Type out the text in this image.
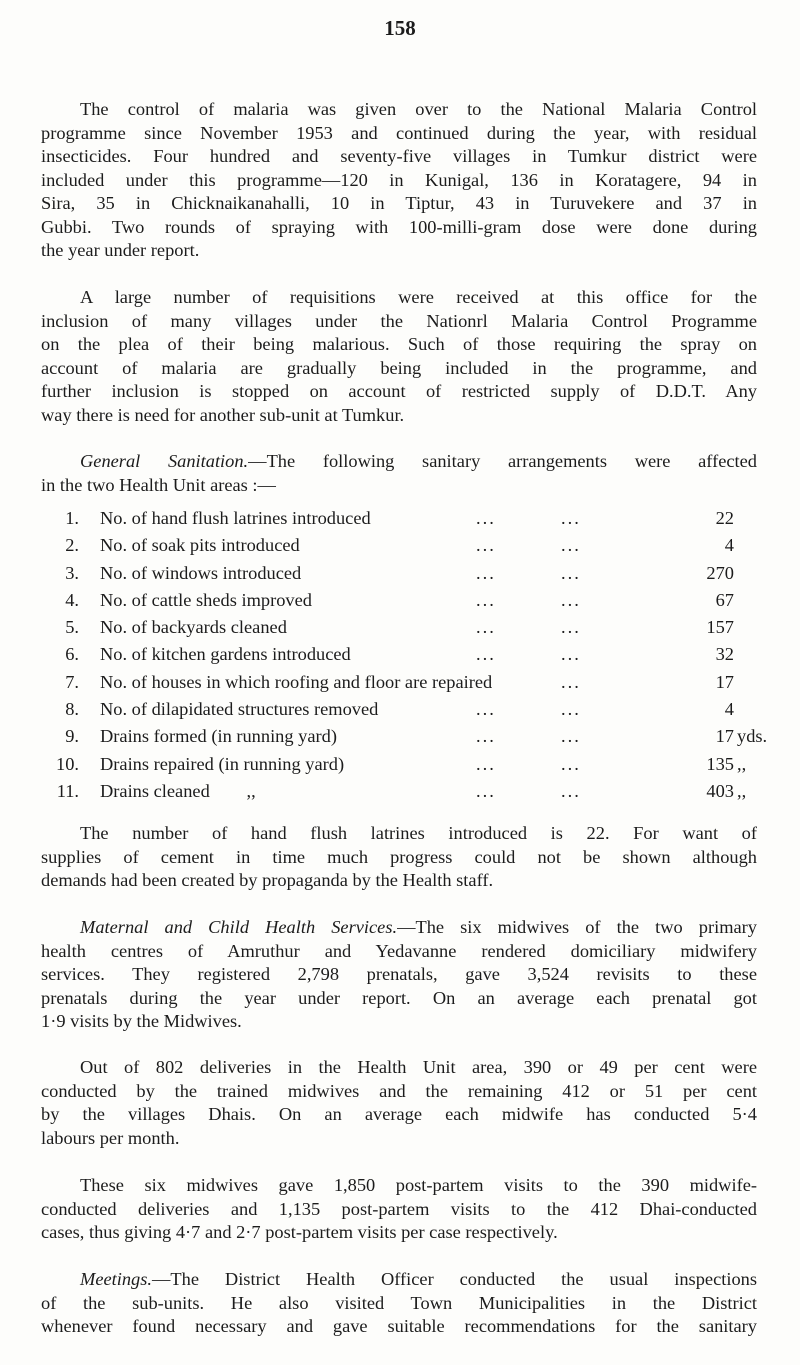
158

The control of malaria was given over to the National Malaria Control
programme since November 1953 and continued during the year, with residual
insecticides. Four hundred and seventy-five villages in Tumkur district were
included under this programme—120 in Kunigal, 136 in Koratagere, 94 in
Sira, 35 in Chicknaikanahalli, 10 in Tiptur, 43 in Turuvekere and 37 in
Gubbi. Two rounds of spraying with 100-milli-gram dose were done during
the year under report.

A large number of requisitions were received at this office for the
inclusion of many villages under the Nationrl Malaria Control Programme
on the plea of their being malarious. Such of those requiring the spray on
account of malaria are gradually being included in the programme, and
further inclusion is stopped on account of restricted supply of D.D.T. Any
way there is need for another sub-unit at Tumkur.

General Sanitation.—The following sanitary arrangements were affected
in the two Health Unit areas :—

1. No. of hand flush latrines introduced	...	...	22
2. No. of soak pits introduced	...	...	4
3. No. of windows introduced	...	...	270
4. No. of cattle sheds improved	...	...	67
5. No. of backyards cleaned	...	...	157
6. No. of kitchen gardens introduced	...	...	32
7. No. of houses in which roofing and floor are repaired	...	17
8. No. of dilapidated structures removed	...	...	4
9. Drains formed (in running yard)	...	...	17 yds.
10. Drains repaired (in running yard)	...	...	135 ,,
11. Drains cleaned        ,,	...	...	403 ,,

The number of hand flush latrines introduced is 22. For want of
supplies of cement in time much progress could not be shown although
demands had been created by propaganda by the Health staff.

Maternal and Child Health Services.—The six midwives of the two primary
health centres of Amruthur and Yedavanne rendered domiciliary midwifery
services. They registered 2,798 prenatals, gave 3,524 revisits to these
prenatals during the year under report. On an average each prenatal got
1·9 visits by the Midwives.

Out of 802 deliveries in the Health Unit area, 390 or 49 per cent were
conducted by the trained midwives and the remaining 412 or 51 per cent
by the villages Dhais. On an average each midwife has conducted 5·4
labours per month.

These six midwives gave 1,850 post-partem visits to the 390 midwife-
conducted deliveries and 1,135 post-partem visits to the 412 Dhai-conducted
cases, thus giving 4·7 and 2·7 post-partem visits per case respectively.

Meetings.—The District Health Officer conducted the usual inspections
of the sub-units. He also visited Town Municipalities in the District
whenever found necessary and gave suitable recommendations for the sanitary
